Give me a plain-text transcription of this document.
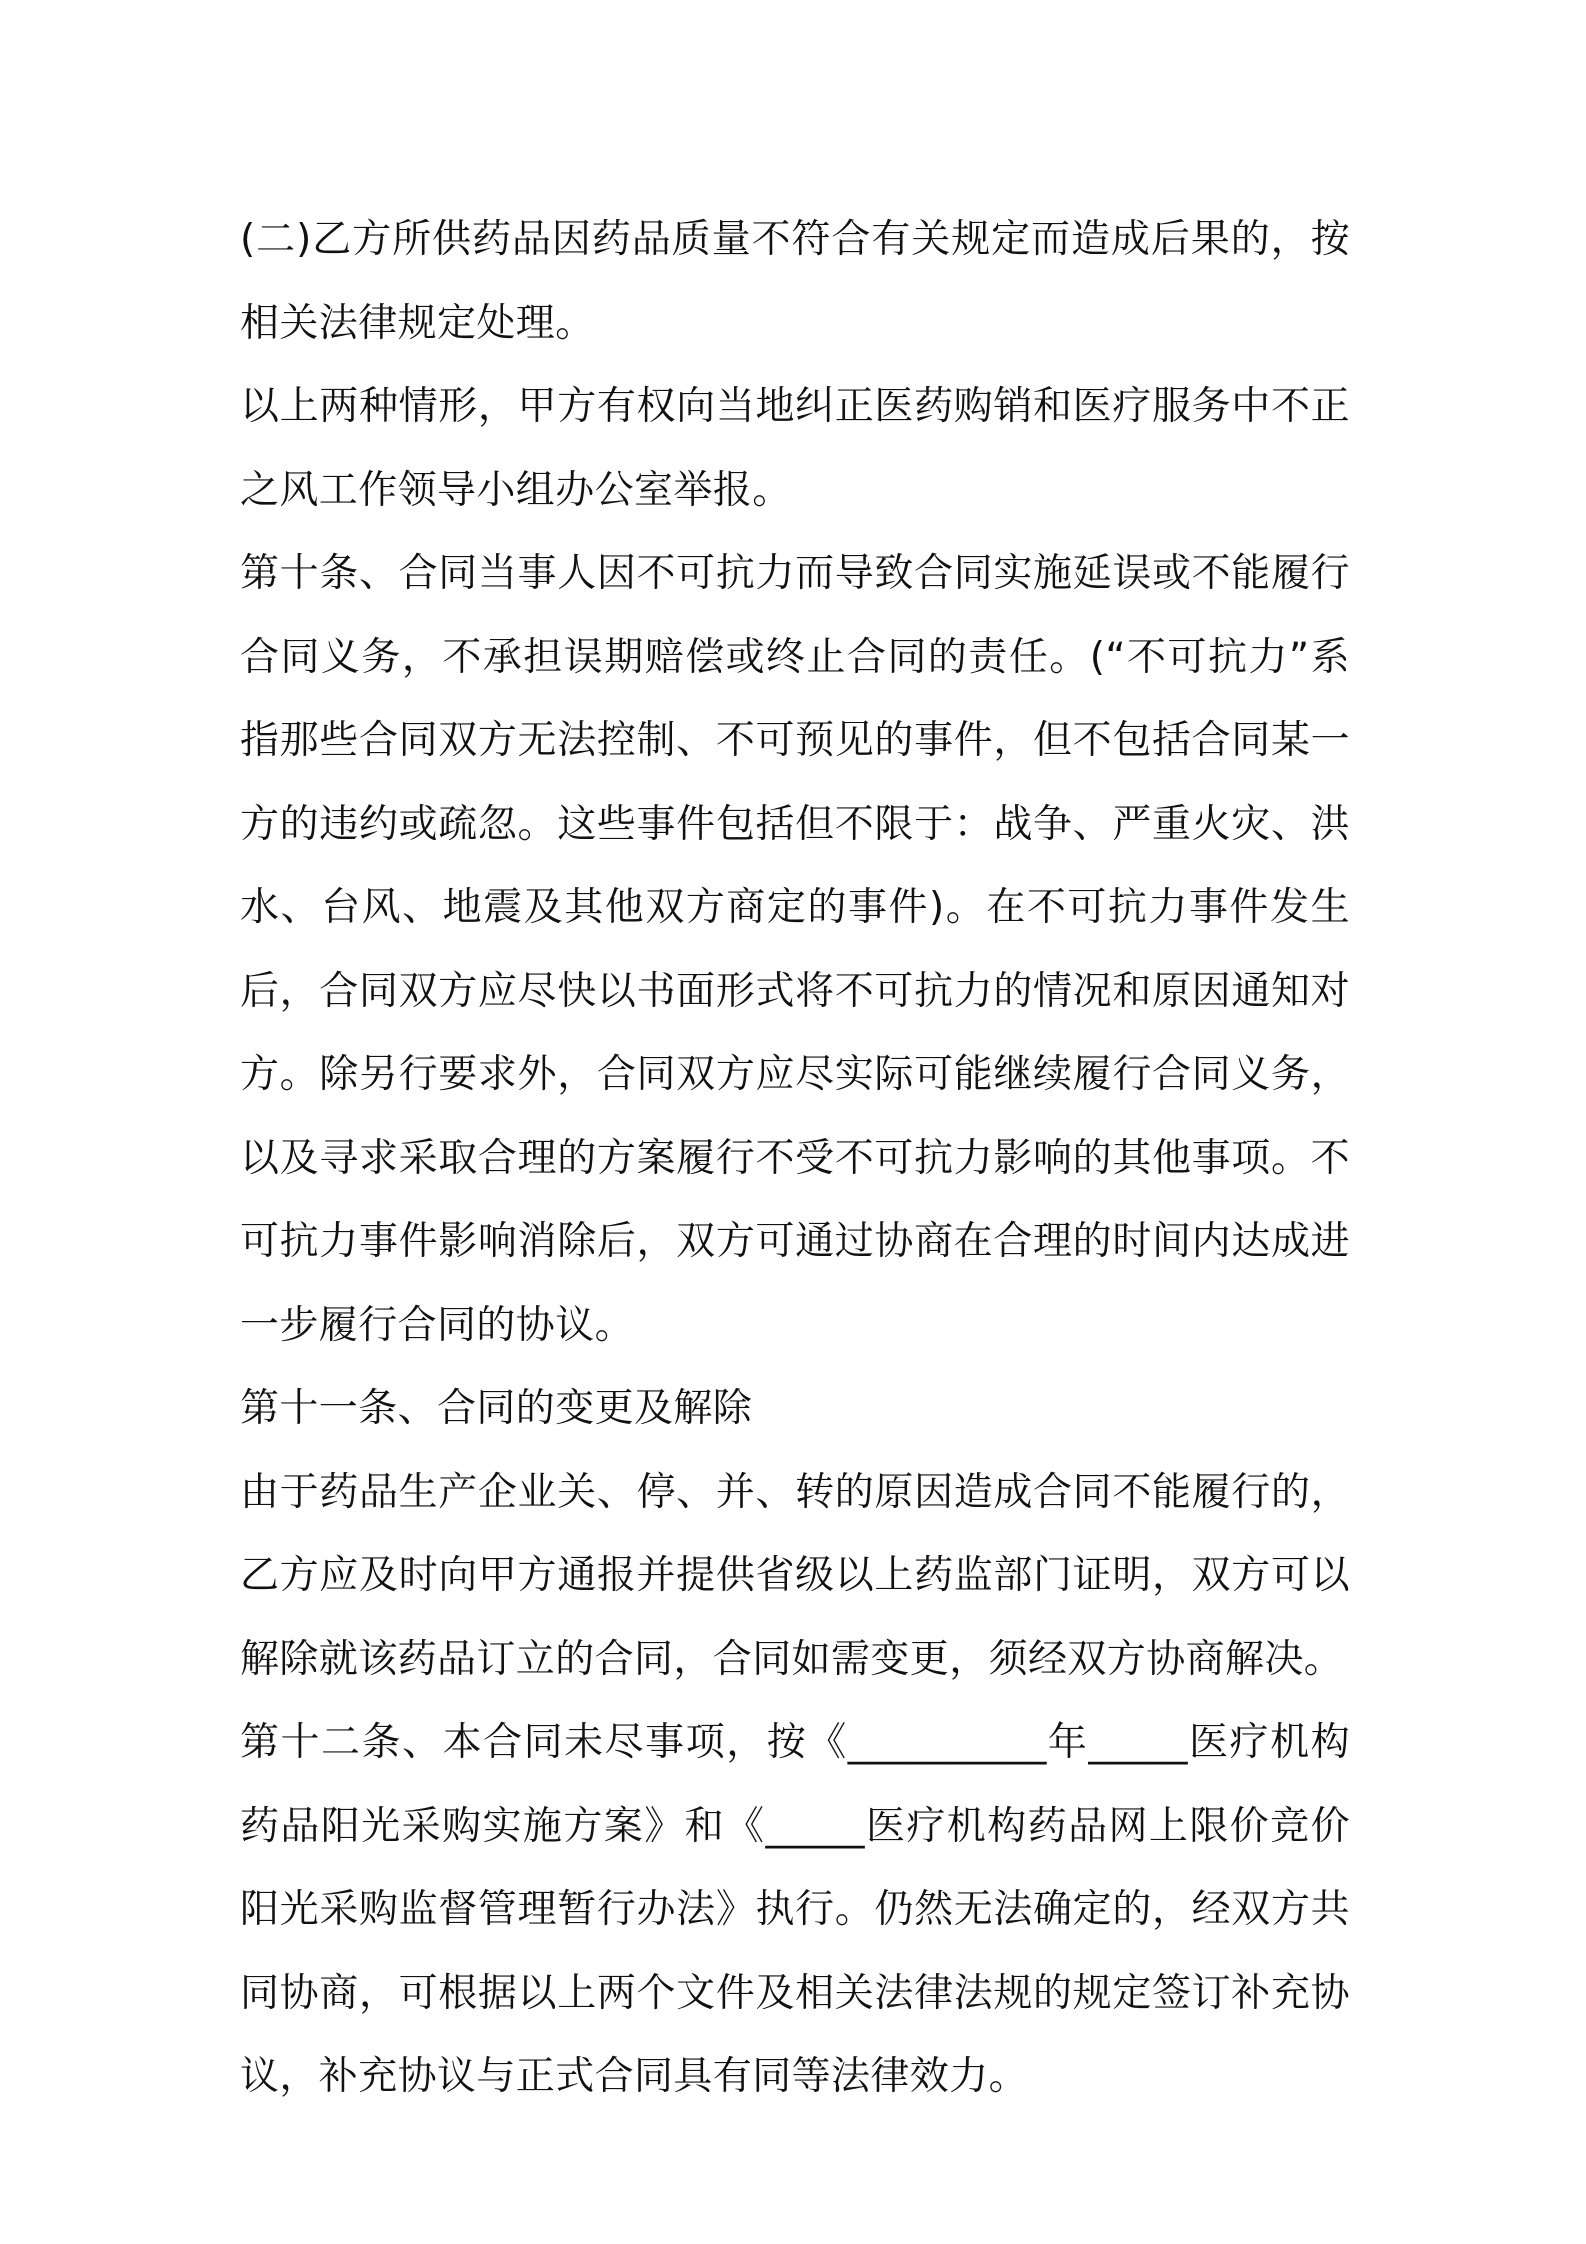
(二)乙方所供药品因药品质量不符合有关规定而造成后果的，按相关法律规定处理。

以上两种情形，甲方有权向当地纠正医药购销和医疗服务中不正之风工作领导小组办公室举报。

第十条、合同当事人因不可抗力而导致合同实施延误或不能履行合同义务，不承担误期赔偿或终止合同的责任。(“不可抗力”系指那些合同双方无法控制、不可预见的事件，但不包括合同某一方的违约或疏忽。这些事件包括但不限于：战争、严重火灾、洪水、台风、地震及其他双方商定的事件)。在不可抗力事件发生后，合同双方应尽快以书面形式将不可抗力的情况和原因通知对方。除另行要求外，合同双方应尽实际可能继续履行合同义务，以及寻求采取合理的方案履行不受不可抗力影响的其他事项。不可抗力事件影响消除后，双方可通过协商在合理的时间内达成进一步履行合同的协议。

第十一条、合同的变更及解除

由于药品生产企业关、停、并、转的原因造成合同不能履行的，乙方应及时向甲方通报并提供省级以上药监部门证明，双方可以解除就该药品订立的合同，合同如需变更，须经双方协商解决。

第十二条、本合同未尽事项，按《__________年_____医疗机构药品阳光采购实施方案》和《_____医疗机构药品网上限价竞价阳光采购监督管理暂行办法》执行。仍然无法确定的，经双方共同协商，可根据以上两个文件及相关法律法规的规定签订补充协议，补充协议与正式合同具有同等法律效力。
